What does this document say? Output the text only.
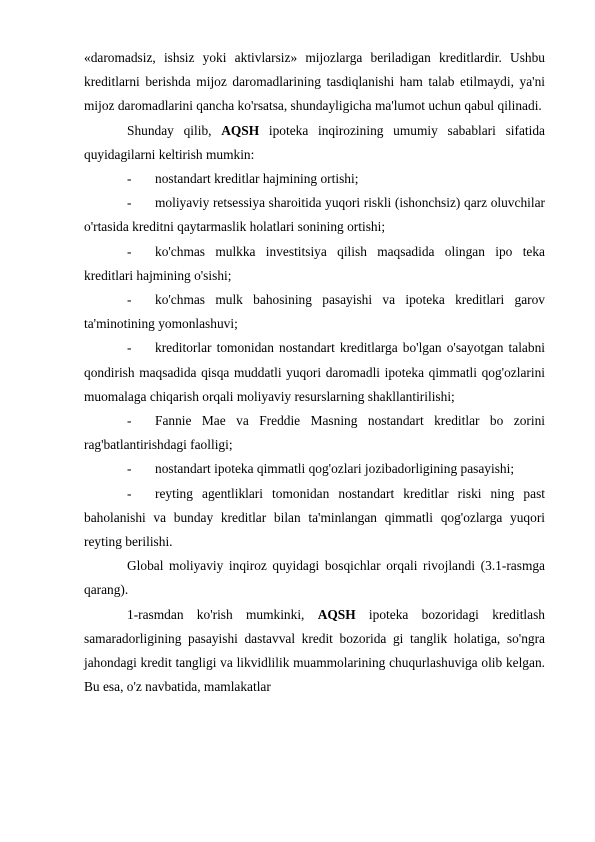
«daromadsiz, ishsiz yoki aktivlarsiz» mijozlarga beriladigan kreditlardir. Ushbu kreditlarni berishda mijoz daromadlarining tasdiqlanishi ham talab etilmaydi, ya'ni mijoz daromadlarini qancha ko'rsatsa, shundayligicha ma'lumot uchun qabul qilinadi.

Shunday qilib, AQSH ipoteka inqirozining umumiy sabablari sifatida quyidagilarni keltirish mumkin:

- nostandart kreditlar hajmining ortishi;

- moliyaviy retsessiya sharoitida yuqori riskli (ishonchsiz) qarz oluvchilar o'rtasida kreditni qaytarmaslik holatlari sonining ortishi;

- ko'chmas mulkka investitsiya qilish maqsadida olingan ipo teka kreditlari hajmining o'sishi;

- ko'chmas mulk bahosining pasayishi va ipoteka kreditlari garov ta'minotining yomonlashuvi;

- kreditorlar tomonidan nostandart kreditlarga bo'lgan o'sayotgan talabni qondirish maqsadida qisqa muddatli yuqori daromadli ipoteka qimmatli qog'ozlarini muomalaga chiqarish orqali moliyaviy resurslarning shakllantirilishi;

- Fannie Mae va Freddie Masning nostandart kreditlar bo zorini rag'batlantirishdagi faolligi;

- nostandart ipoteka qimmatli qog'ozlari jozibadorligining pasayishi;

- reyting agentliklari tomonidan nostandart kreditlar riski ning past baholanishi va bunday kreditlar bilan ta'minlangan qimmatli qog'ozlarga yuqori reyting berilishi.

Global moliyaviy inqiroz quyidagi bosqichlar orqali rivojlandi (3.1-rasmga qarang).

1-rasmdan ko'rish mumkinki, AQSH ipoteka bozoridagi kreditlash samaradorligining pasayishi dastavval kredit bozorida gi tanglik holatiga, so'ngra jahondagi kredit tangligi va likvidlilik muammolarining chuqurlashuviga olib kelgan. Bu esa, o'z navbatida, mamlakatlar
